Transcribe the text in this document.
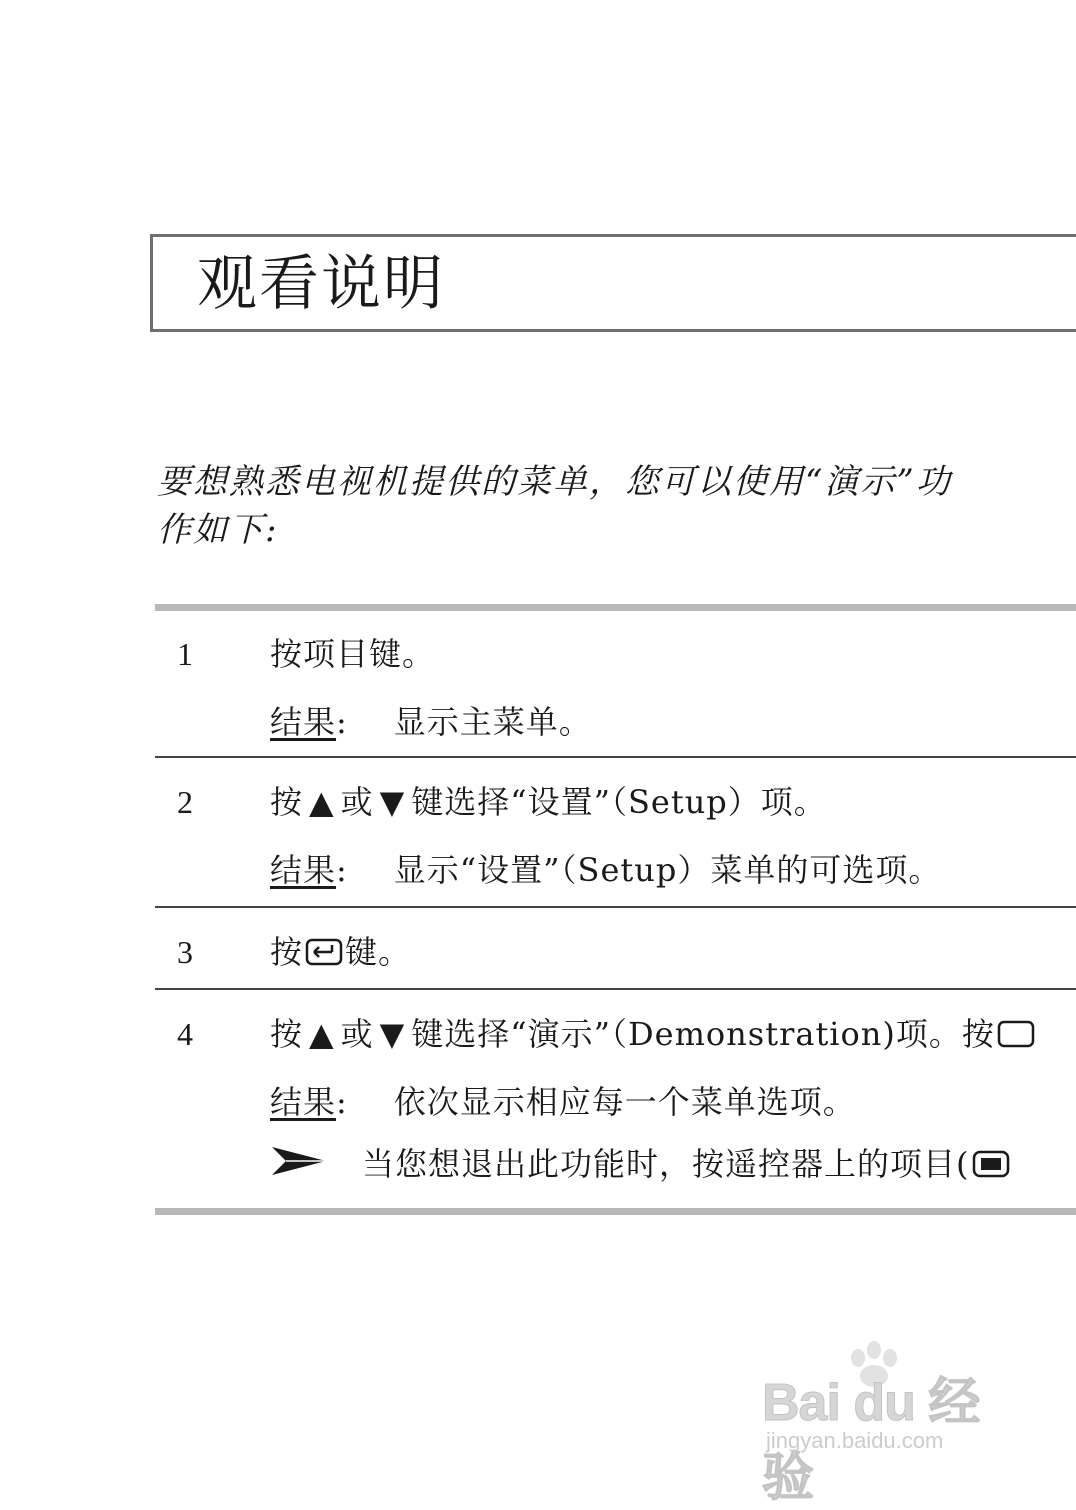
观看说明
要想熟悉电视机提供的菜单，您可以使用“演示”功
作如下:
1 按项目键。
结果: 显示主菜单。
2 按 ▲ 或 ▼ 键选择“设置”（Setup）项。
结果: 显示“设置”（Setup）菜单的可选项。
3 按 键。
4 按 ▲ 或 ▼ 键选择“演示”（Demonstration)项。按
结果: 依次显示相应每一个菜单选项。
当您想退出此功能时，按遥控器上的项目(
Bai du 经验
jingyan.baidu.com
